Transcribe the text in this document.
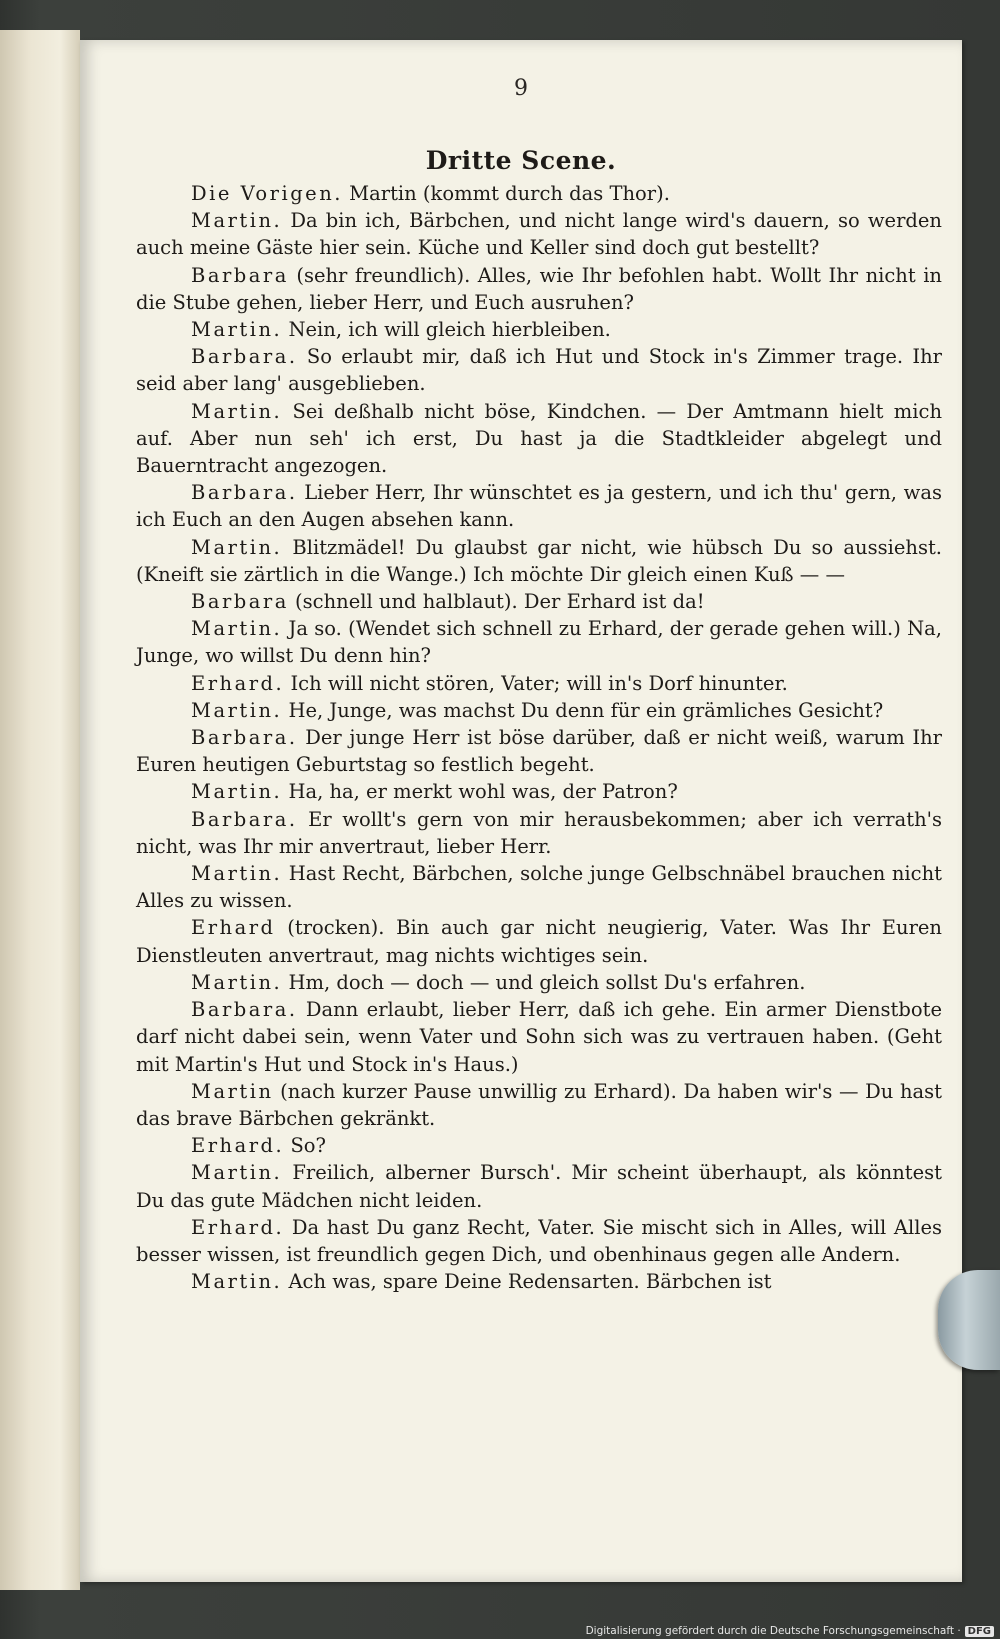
9
Dritte Scene.

Die Vorigen. Martin (kommt durch das Thor).

Martin. Da bin ich, Bärbchen, und nicht lange wird's dauern, so werden auch meine Gäste hier sein. Küche und Keller sind doch gut bestellt?

Barbara (sehr freundlich). Alles, wie Ihr befohlen habt. Wollt Ihr nicht in die Stube gehen, lieber Herr, und Euch ausruhen?

Martin. Nein, ich will gleich hierbleiben.

Barbara. So erlaubt mir, daß ich Hut und Stock in's Zimmer trage. Ihr seid aber lang' ausgeblieben.

Martin. Sei deßhalb nicht böse, Kindchen. — Der Amtmann hielt mich auf. Aber nun seh' ich erst, Du hast ja die Stadtkleider abgelegt und Bauerntracht angezogen.

Barbara. Lieber Herr, Ihr wünschtet es ja gestern, und ich thu' gern, was ich Euch an den Augen absehen kann.

Martin. Blitzmädel! Du glaubst gar nicht, wie hübsch Du so aussiehst. (Kneift sie zärtlich in die Wange.) Ich möchte Dir gleich einen Kuß — —

Barbara (schnell und halblaut). Der Erhard ist da!

Martin. Ja so. (Wendet sich schnell zu Erhard, der gerade gehen will.) Na, Junge, wo willst Du denn hin?

Erhard. Ich will nicht stören, Vater; will in's Dorf hinunter.

Martin. He, Junge, was machst Du denn für ein grämliches Gesicht?

Barbara. Der junge Herr ist böse darüber, daß er nicht weiß, warum Ihr Euren heutigen Geburtstag so festlich begeht.

Martin. Ha, ha, er merkt wohl was, der Patron?

Barbara. Er wollt's gern von mir herausbekommen; aber ich verrath's nicht, was Ihr mir anvertraut, lieber Herr.

Martin. Hast Recht, Bärbchen, solche junge Gelbschnäbel brauchen nicht Alles zu wissen.

Erhard (trocken). Bin auch gar nicht neugierig, Vater. Was Ihr Euren Dienstleuten anvertraut, mag nichts wichtiges sein.

Martin. Hm, doch — doch — und gleich sollst Du's erfahren.

Barbara. Dann erlaubt, lieber Herr, daß ich gehe. Ein armer Dienstbote darf nicht dabei sein, wenn Vater und Sohn sich was zu vertrauen haben. (Geht mit Martin's Hut und Stock in's Haus.)

Martin (nach kurzer Pause unwillig zu Erhard). Da haben wir's — Du hast das brave Bärbchen gekränkt.

Erhard. So?

Martin. Freilich, alberner Bursch'. Mir scheint überhaupt, als könntest Du das gute Mädchen nicht leiden.

Erhard. Da hast Du ganz Recht, Vater. Sie mischt sich in Alles, will Alles besser wissen, ist freundlich gegen Dich, und obenhinaus gegen alle Andern.

Martin. Ach was, spare Deine Redensarten. Bärbchen ist

Digitalisierung gefördert durch die Deutsche Forschungsgemeinschaft · DFG
